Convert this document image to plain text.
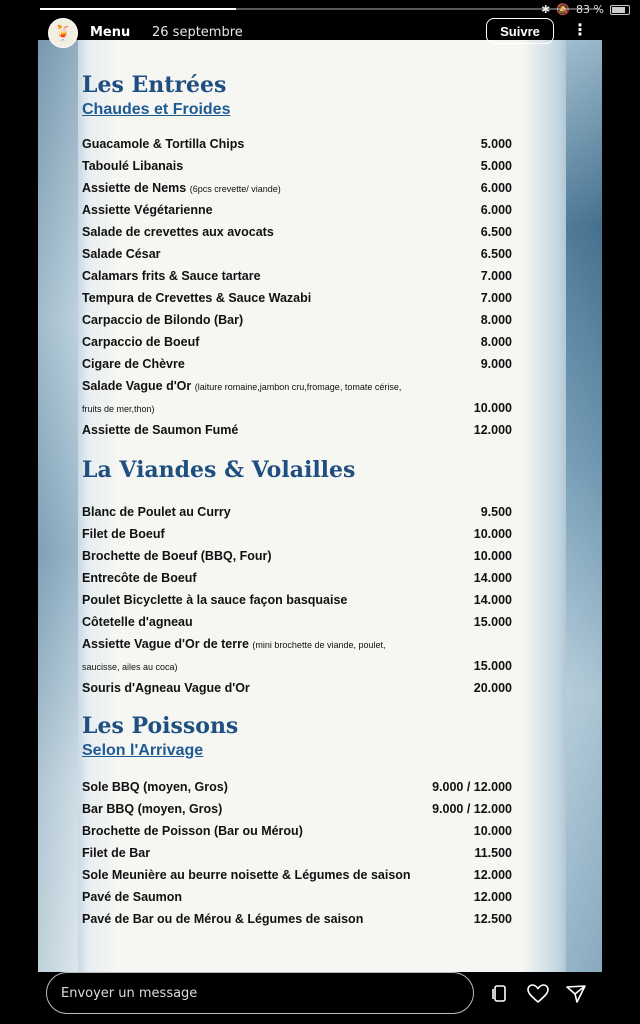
✱ 🔕 83 %
🍹	Menu 26 septembre	Suivre	⋮
Les Entrées
Chaudes et Froides
Guacamole & Tortilla Chips	5.000
Taboulé Libanais	5.000
Assiette de Nems (6pcs crevette/ viande)	6.000
Assiette Végétarienne	6.000
Salade de crevettes aux avocats	6.500
Salade César	6.500
Calamars frits & Sauce tartare	7.000
Tempura de Crevettes & Sauce Wazabi	7.000
Carpaccio de Bilondo (Bar)	8.000
Carpaccio de Boeuf	8.000
Cigare de Chèvre	9.000
Salade Vague d'Or (laiture romaine,jambon cru,fromage, tomate cérise,
fruits de mer,thon)	10.000
Assiette de Saumon Fumé	12.000
La Viandes & Volailles
Blanc de Poulet au Curry	9.500
Filet de Boeuf	10.000
Brochette de Boeuf (BBQ, Four)	10.000
Entrecôte de Boeuf	14.000
Poulet Bicyclette à la sauce façon basquaise	14.000
Côtetelle d'agneau	15.000
Assiette Vague d'Or de terre (mini brochette de viande, poulet,
saucisse, ailes au coca)	15.000
Souris d'Agneau Vague d'Or	20.000
Les Poissons
Selon l'Arrivage
Sole BBQ (moyen, Gros)	9.000 / 12.000
Bar BBQ (moyen, Gros)	9.000 / 12.000
Brochette de Poisson (Bar ou Mérou)	10.000
Filet de Bar	11.500
Sole Meunière au beurre noisette & Légumes de saison	12.000
Pavé de Saumon	12.000
Pavé de Bar ou de Mérou & Légumes de saison	12.500
Envoyer un message
